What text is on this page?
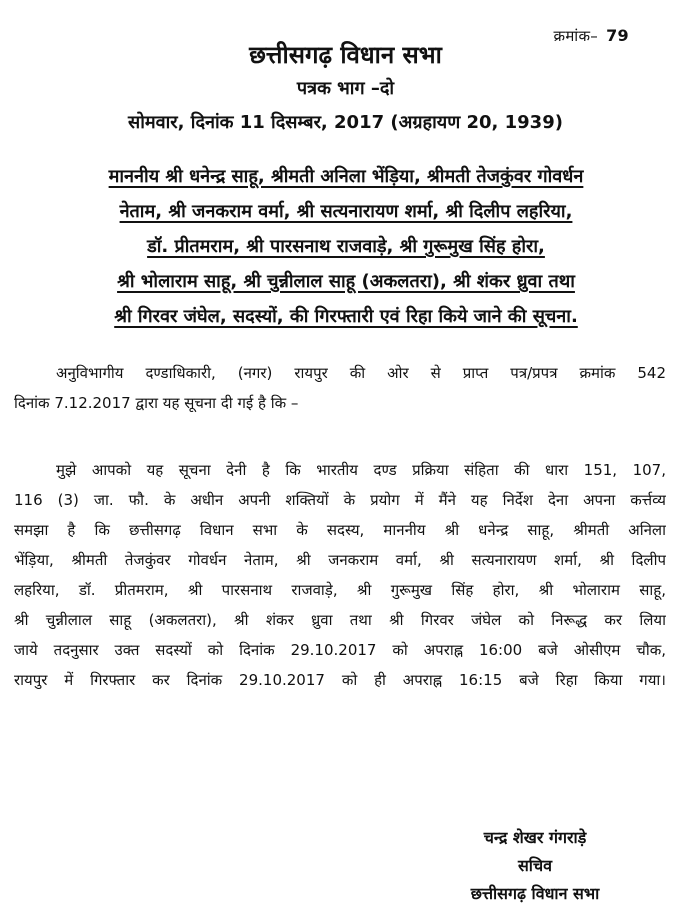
क्रमांक– 79
छत्तीसगढ़ विधान सभा
पत्रक भाग –दो
सोमवार, दिनांक 11 दिसम्बर, 2017 (अग्रहायण 20, 1939)
माननीय श्री धनेन्द्र साहू, श्रीमती अनिला भेंड़िया, श्रीमती तेजकुंवर गोवर्धन
नेताम, श्री जनकराम वर्मा, श्री सत्यनारायण शर्मा, श्री दिलीप लहरिया,
डॉ. प्रीतमराम, श्री पारसनाथ राजवाड़े, श्री गुरूमुख सिंह होरा,
श्री भोलाराम साहू, श्री चुन्नीलाल साहू (अकलतरा), श्री शंकर ध्रुवा तथा
श्री गिरवर जंघेल, सदस्यों, की गिरफ्तारी एवं रिहा किये जाने की सूचना.
अनुविभागीय दण्डाधिकारी, (नगर) रायपुर की ओर से प्राप्त पत्र/प्रपत्र क्रमांक 542
दिनांक 7.12.2017 द्वारा यह सूचना दी गई है कि –
मुझे आपको यह सूचना देनी है कि भारतीय दण्ड प्रक्रिया संहिता की धारा 151, 107,
116 (3) जा. फौ. के अधीन अपनी शक्तियों के प्रयोग में मैंने यह निर्देश देना अपना कर्त्तव्य
समझा है कि छत्तीसगढ़ विधान सभा के सदस्य, माननीय श्री धनेन्द्र साहू, श्रीमती अनिला
भेंड़िया, श्रीमती तेजकुंवर गोवर्धन नेताम, श्री जनकराम वर्मा, श्री सत्यनारायण शर्मा, श्री दिलीप
लहरिया, डॉ. प्रीतमराम, श्री पारसनाथ राजवाड़े, श्री गुरूमुख सिंह होरा, श्री भोलाराम साहू,
श्री चुन्नीलाल साहू (अकलतरा), श्री शंकर ध्रुवा तथा श्री गिरवर जंघेल को निरूद्ध कर लिया
जाये तदनुसार उक्त सदस्यों को दिनांक 29.10.2017 को अपराह्न 16:00 बजे ओसीएम चौक,
रायपुर में गिरफ्तार कर दिनांक 29.10.2017 को ही अपराह्न 16:15 बजे रिहा किया गया।
चन्द्र शेखर गंगराड़े
सचिव
छत्तीसगढ़ विधान सभा
